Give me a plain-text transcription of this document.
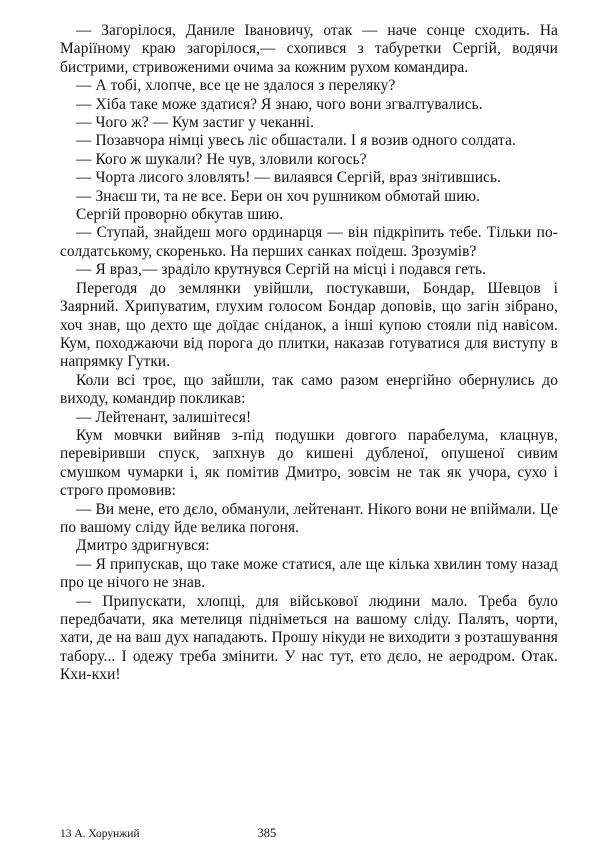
— Загорілося, Даниле Івановичу, отак — наче сонце сходить. На Маріїному краю загорілося,— схопився з табуретки Сергій, водячи бистрими, стривоженими очима за кожним рухом командира.

— А тобі, хлопче, все це не здалося з переляку?

— Хіба таке може здатися? Я знаю, чого вони згвалтувались.

— Чого ж? — Кум застиг у чеканні.

— Позавчора німці увесь ліс обшастали. І я возив одного солдата.

— Кого ж шукали? Не чув, зловили когось?

— Чорта лисого зловлять! — вилаявся Сергій, враз знітившись.

— Знаєш ти, та не все. Бери он хоч рушником обмотай шию.

Сергій проворно обкутав шию.

— Ступай, знайдеш мого ординарця — він підкріпить тебе. Тільки по-солдатському, скоренько. На перших санках поїдеш. Зрозумів?

— Я враз,— зраділо крутнувся Сергій на місці і подався геть.

Перегодя до землянки увійшли, постукавши, Бондар, Шевцов і Заярний. Хрипуватим, глухим голосом Бондар доповів, що загін зібрано, хоч знав, що дехто ще доїдає сніданок, а інші купою стояли під навісом. Кум, походжаючи від порога до плитки, наказав готуватися для виступу в напрямку Гутки.

Коли всі троє, що зайшли, так само разом енергійно обернулись до виходу, командир покликав:

— Лейтенант, залишітеся!

Кум мовчки вийняв з-під подушки довгого парабелума, клацнув, перевіривши спуск, запхнув до кишені дубленої, опушеної сивим смушком чумарки і, як помітив Дмитро, зовсім не так як учора, сухо і строго промовив:

— Ви мене, ето дєло, обманули, лейтенант. Нікого вони не впіймали. Це по вашому сліду йде велика погоня.

Дмитро здригнувся:

— Я припускав, що таке може статися, але ще кілька хвилин тому назад про це нічого не знав.

— Припускати, хлопці, для військової людини мало. Треба було передбачати, яка метелиця підніметься на вашому сліду. Палять, чорти, хати, де на ваш дух нападають. Прошу нікуди не виходити з розташування табору... І одежу треба змінити. У нас тут, ето дєло, не аеродром. Отак. Кхи-кхи!

13 А. Хорунжий	385
